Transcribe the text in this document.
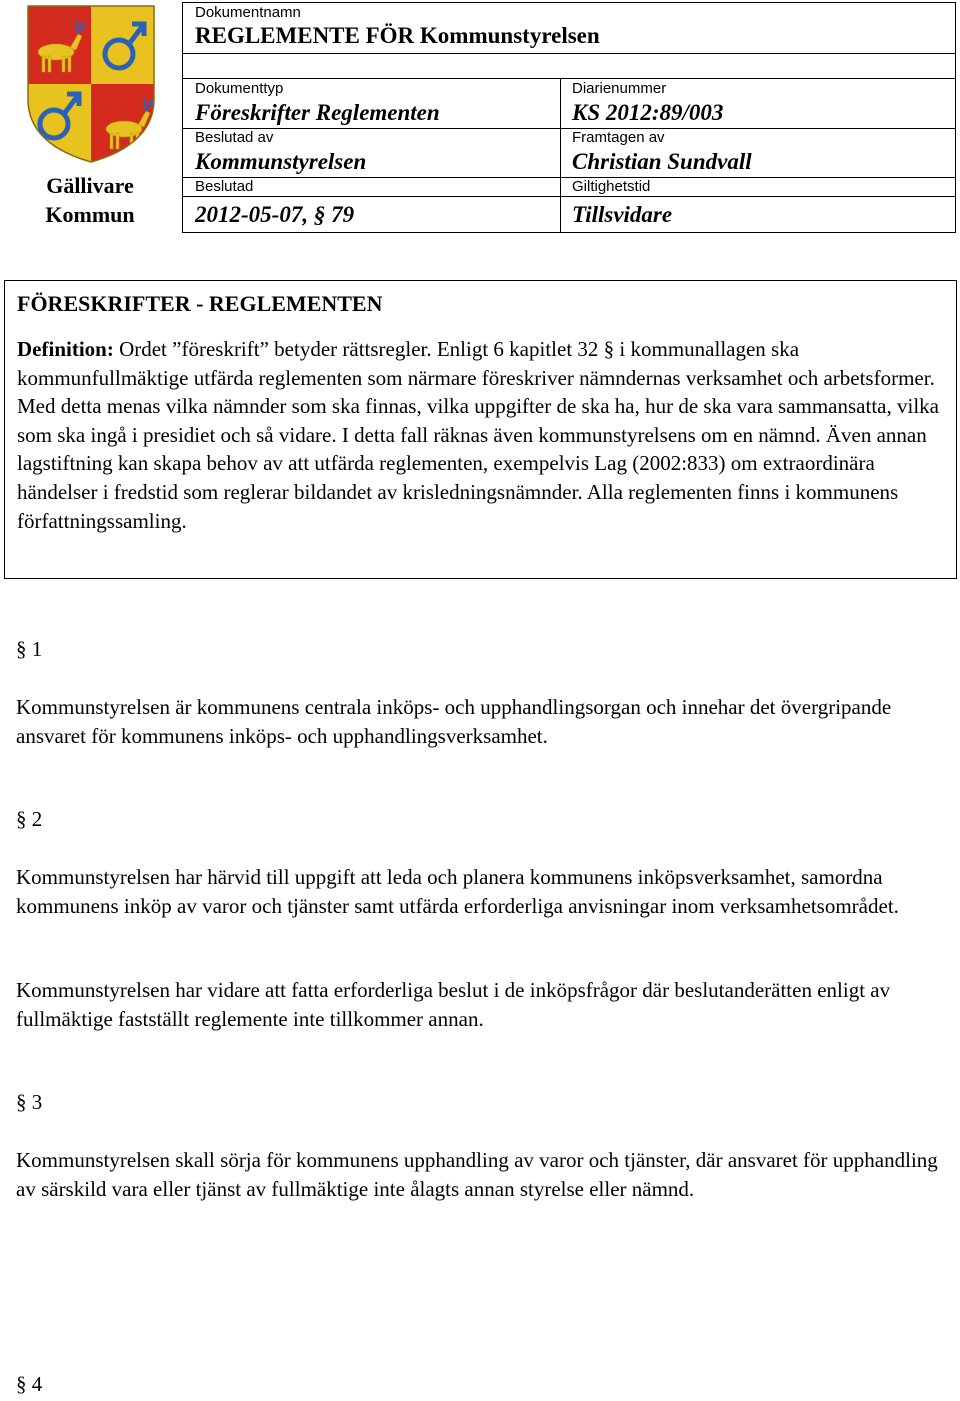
Gällivare
Kommun
Dokumentnamn
REGLEMENTE FÖR Kommunstyrelsen
Dokumenttyp
Föreskrifter Reglementen
Diarienummer
KS 2012:89/003
Beslutad av
Kommunstyrelsen
Framtagen av
Christian Sundvall
Beslutad
2012-05-07, § 79
Giltighetstid
Tillsvidare
FÖRESKRIFTER - REGLEMENTEN

Definition: Ordet ”föreskrift” betyder rättsregler. Enligt 6 kapitlet 32 § i kommunallagen ska kommunfullmäktige utfärda reglementen som närmare föreskriver nämndernas verksamhet och arbetsformer. Med detta menas vilka nämnder som ska finnas, vilka uppgifter de ska ha, hur de ska vara sammansatta, vilka som ska ingå i presidiet och så vidare. I detta fall räknas även kommunstyrelsens om en nämnd. Även annan lagstiftning kan skapa behov av att utfärda reglementen, exempelvis Lag (2002:833) om extraordinära händelser i fredstid som reglerar bildandet av krisledningsnämnder. Alla reglementen finns i kommunens författningssamling.

§ 1

Kommunstyrelsen är kommunens centrala inköps- och upphandlingsorgan och innehar det övergripande ansvaret för kommunens inköps- och upphandlingsverksamhet.

§ 2

Kommunstyrelsen har härvid till uppgift att leda och planera kommunens inköpsverksamhet, samordna kommunens inköp av varor och tjänster samt utfärda erforderliga anvisningar inom verksamhetsområdet.

Kommunstyrelsen har vidare att fatta erforderliga beslut i de inköpsfrågor där beslutanderätten enligt av fullmäktige fastställt reglemente inte tillkommer annan.

§ 3

Kommunstyrelsen skall sörja för kommunens upphandling av varor och tjänster, där ansvaret för upphandling av särskild vara eller tjänst av fullmäktige inte ålagts annan styrelse eller nämnd.

§ 4
